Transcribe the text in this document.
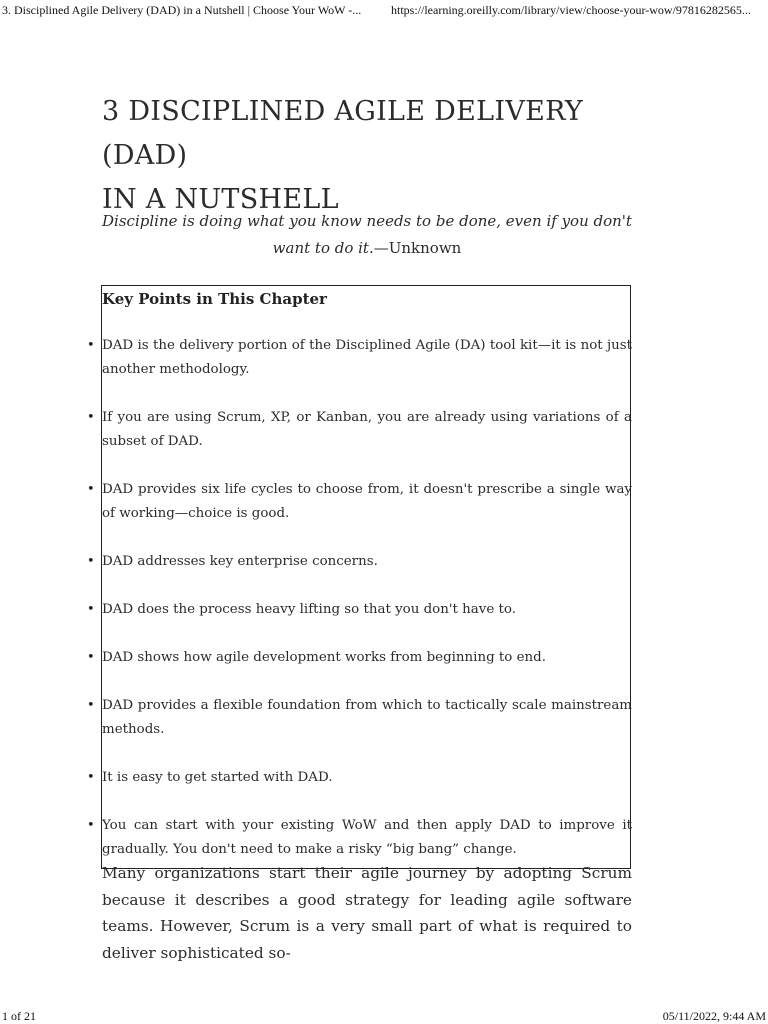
3. Disciplined Agile Delivery (DAD) in a Nutshell | Choose Your WoW -... https://learning.oreilly.com/library/view/choose-your-wow/97816282565...
3 DISCIPLINED AGILE DELIVERY (DAD)
IN A NUTSHELL
Discipline is doing what you know needs to be done, even if you don't want to do it.—Unknown
Key Points in This Chapter
• DAD is the delivery portion of the Disciplined Agile (DA) tool kit—it is not just another methodology.
• If you are using Scrum, XP, or Kanban, you are already using variations of a subset of DAD.
• DAD provides six life cycles to choose from, it doesn't prescribe a single way of working—choice is good.
• DAD addresses key enterprise concerns.
• DAD does the process heavy lifting so that you don't have to.
• DAD shows how agile development works from beginning to end.
• DAD provides a flexible foundation from which to tactically scale mainstream methods.
• It is easy to get started with DAD.
• You can start with your existing WoW and then apply DAD to improve it gradually. You don't need to make a risky “big bang” change.

Many organizations start their agile journey by adopting Scrum because it describes a good strategy for leading agile software teams. However, Scrum is a very small part of what is required to deliver sophisticated so-

1 of 21	05/11/2022, 9:44 AM
